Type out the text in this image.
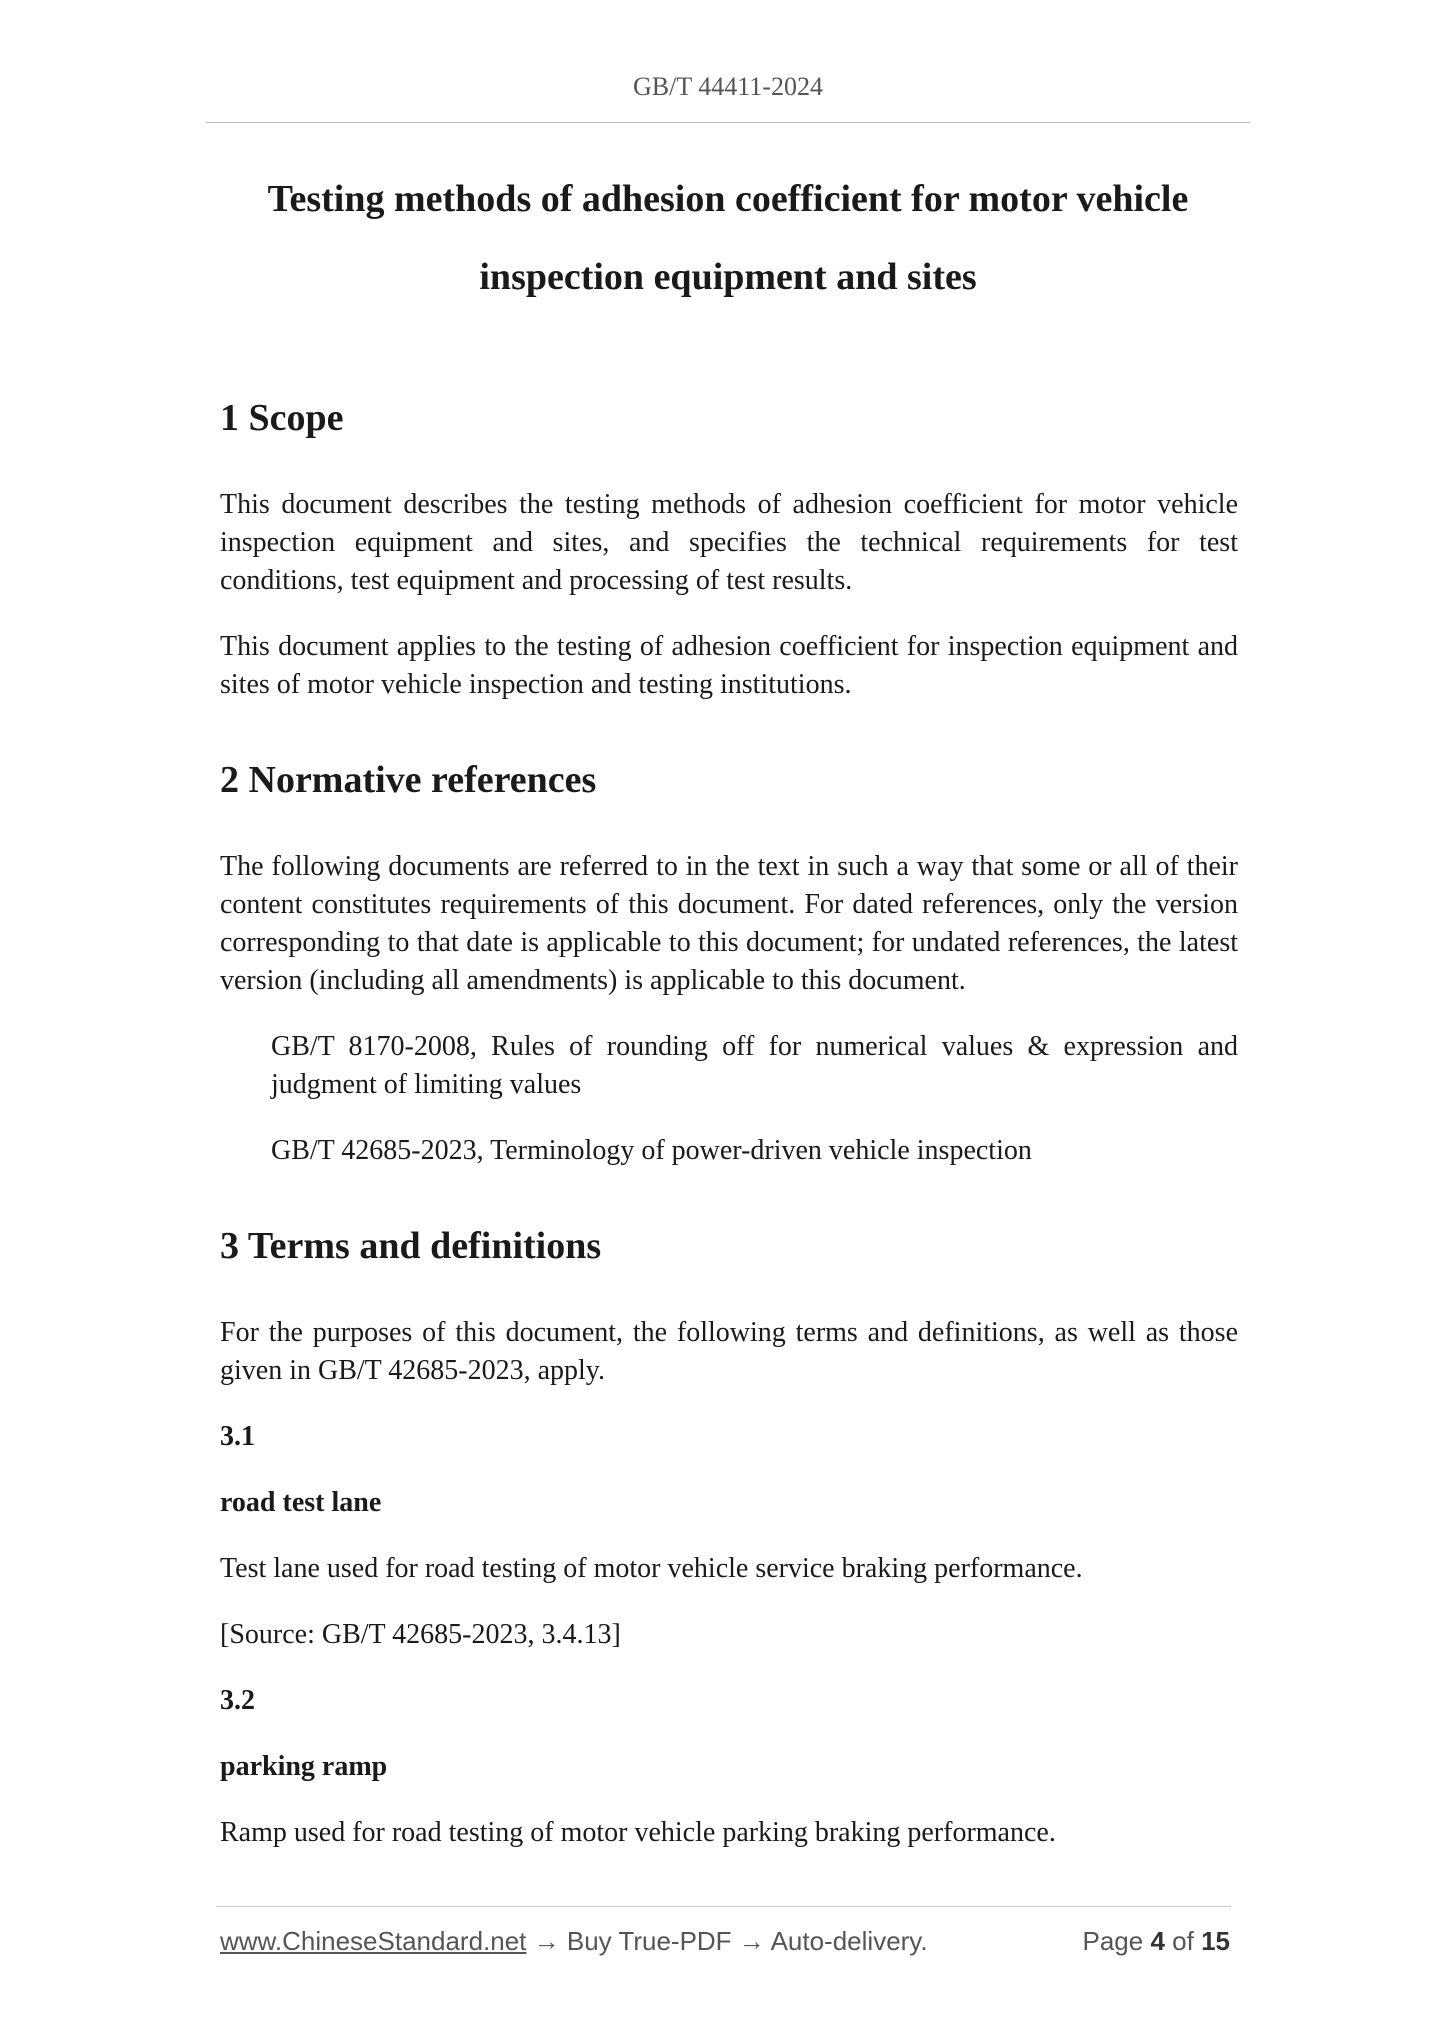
GB/T 44411-2024
Testing methods of adhesion coefficient for motor vehicle
inspection equipment and sites
1 Scope

This document describes the testing methods of adhesion coefficient for motor vehicle inspection equipment and sites, and specifies the technical requirements for test conditions, test equipment and processing of test results.

This document applies to the testing of adhesion coefficient for inspection equipment and sites of motor vehicle inspection and testing institutions.

2 Normative references

The following documents are referred to in the text in such a way that some or all of their content constitutes requirements of this document. For dated references, only the version corresponding to that date is applicable to this document; for undated references, the latest version (including all amendments) is applicable to this document.

GB/T 8170-2008, Rules of rounding off for numerical values & expression and judgment of limiting values

GB/T 42685-2023, Terminology of power-driven vehicle inspection

3 Terms and definitions

For the purposes of this document, the following terms and definitions, as well as those given in GB/T 42685-2023, apply.

3.1

road test lane

Test lane used for road testing of motor vehicle service braking performance.

[Source: GB/T 42685-2023, 3.4.13]

3.2

parking ramp

Ramp used for road testing of motor vehicle parking braking performance.

www.ChineseStandard.net → Buy True-PDF → Auto-delivery.	Page 4 of 15
